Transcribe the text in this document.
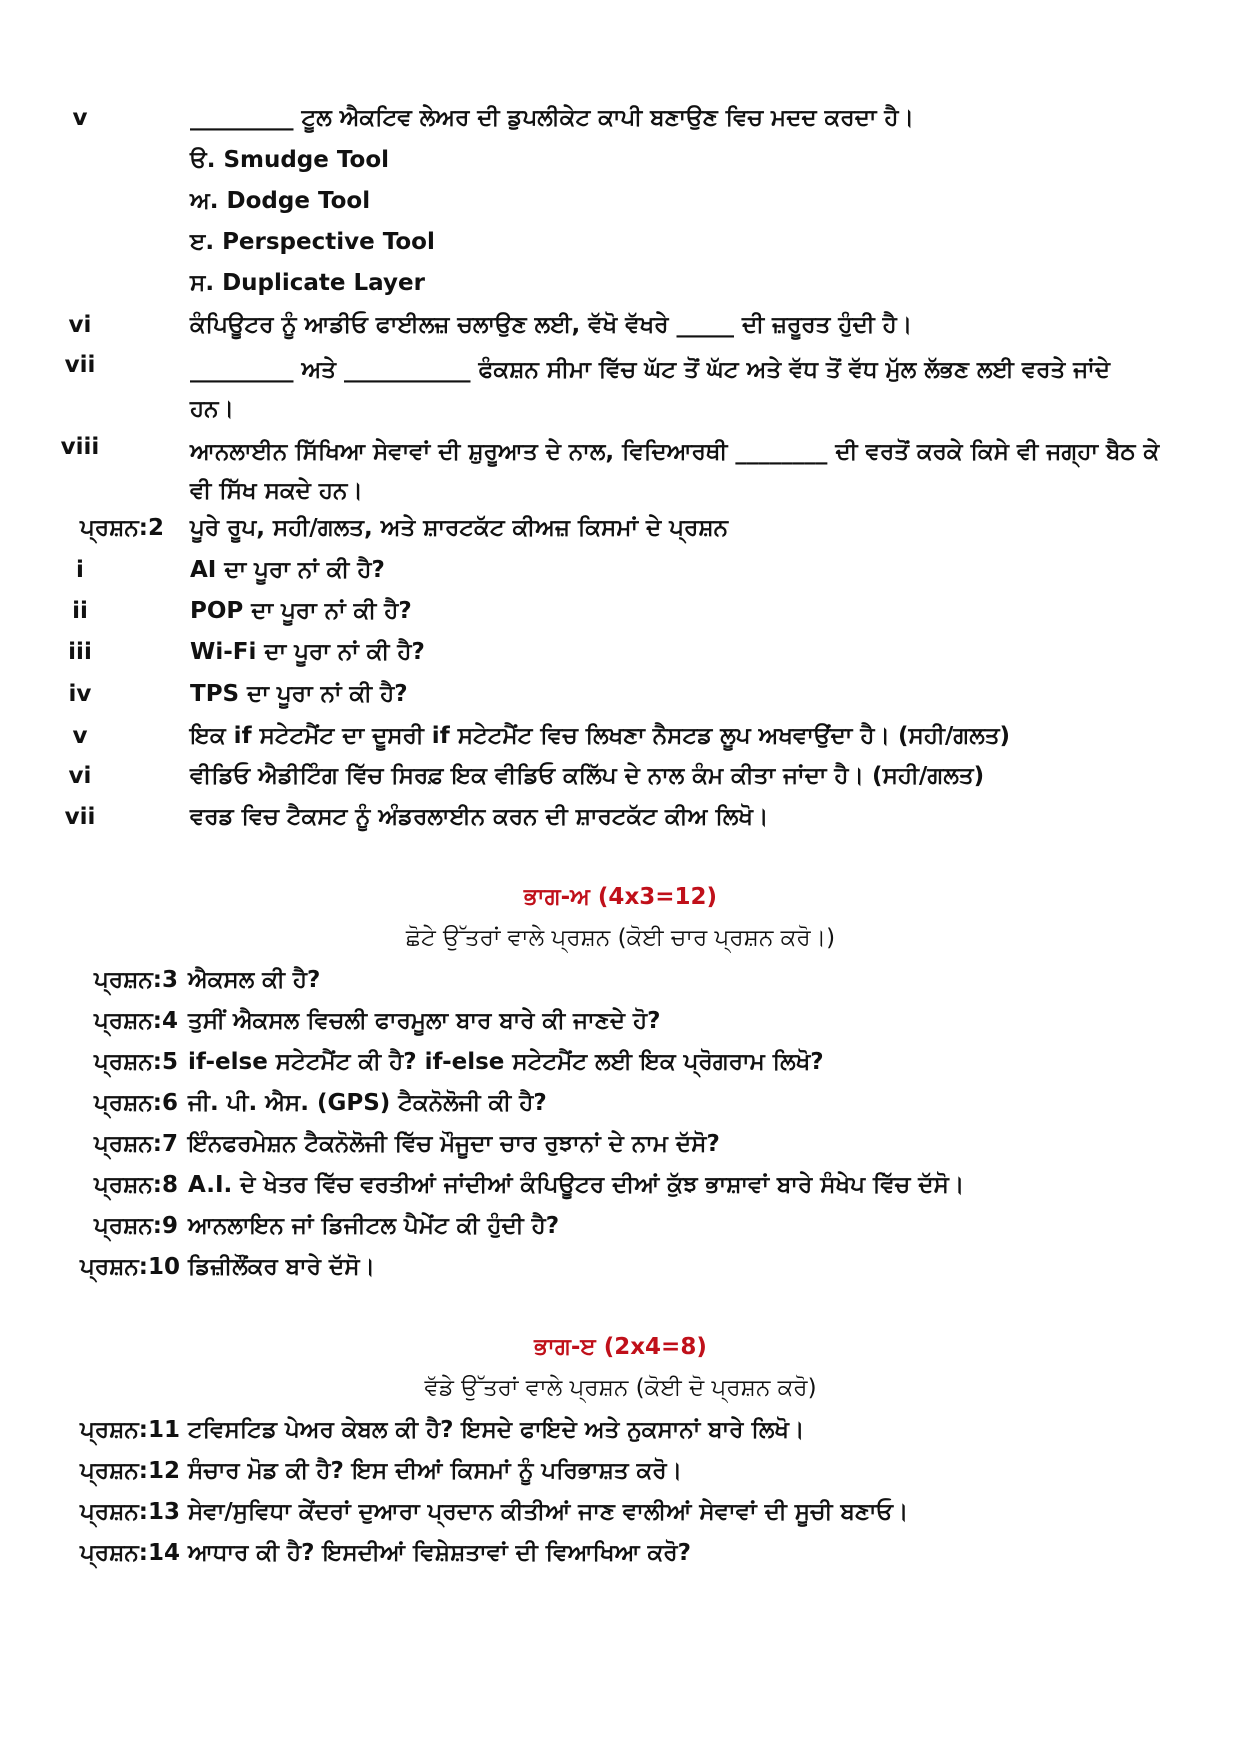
v	_________ ਟੂਲ ਐਕਟਿਵ ਲੇਅਰ ਦੀ ਡੁਪਲੀਕੇਟ ਕਾਪੀ ਬਣਾਉਣ ਵਿਚ ਮਦਦ ਕਰਦਾ ਹੈ।
ੳ. Smudge Tool
ਅ. Dodge Tool
ੲ. Perspective Tool
ਸ. Duplicate Layer
vi	ਕੰਪਿਊਟਰ ਨੂੰ ਆਡੀਓ ਫਾਈਲਜ਼ ਚਲਾਉਣ ਲਈ, ਵੱਖੋ ਵੱਖਰੇ _____ ਦੀ ਜ਼ਰੂਰਤ ਹੁੰਦੀ ਹੈ।
vii	_________ ਅਤੇ ___________ ਫੰਕਸ਼ਨ ਸੀਮਾ ਵਿੱਚ ਘੱਟ ਤੋਂ ਘੱਟ ਅਤੇ ਵੱਧ ਤੋਂ ਵੱਧ ਮੁੱਲ ਲੱਭਣ ਲਈ ਵਰਤੇ ਜਾਂਦੇ ਹਨ।
viii	ਆਨਲਾਈਨ ਸਿੱਖਿਆ ਸੇਵਾਵਾਂ ਦੀ ਸ਼ੁਰੂਆਤ ਦੇ ਨਾਲ, ਵਿਦਿਆਰਥੀ ________ ਦੀ ਵਰਤੋਂ ਕਰਕੇ ਕਿਸੇ ਵੀ ਜਗ੍ਹਾ ਬੈਠ ਕੇ ਵੀ ਸਿੱਖ ਸਕਦੇ ਹਨ।
ਪ੍ਰਸ਼ਨ:2	ਪੂਰੇ ਰੂਪ, ਸਹੀ/ਗਲਤ, ਅਤੇ ਸ਼ਾਰਟਕੱਟ ਕੀਅਜ਼ ਕਿਸਮਾਂ ਦੇ ਪ੍ਰਸ਼ਨ
i	AI ਦਾ ਪੂਰਾ ਨਾਂ ਕੀ ਹੈ?
ii	POP ਦਾ ਪੂਰਾ ਨਾਂ ਕੀ ਹੈ?
iii	Wi-Fi ਦਾ ਪੂਰਾ ਨਾਂ ਕੀ ਹੈ?
iv	TPS ਦਾ ਪੂਰਾ ਨਾਂ ਕੀ ਹੈ?
v	ਇਕ if ਸਟੇਟਮੈਂਟ ਦਾ ਦੂਸਰੀ if ਸਟੇਟਮੈਂਟ ਵਿਚ ਲਿਖਣਾ ਨੈਸਟਡ ਲੂਪ ਅਖਵਾਉਂਦਾ ਹੈ। (ਸਹੀ/ਗਲਤ)
vi	ਵੀਡਿਓ ਐਡੀਟਿੰਗ ਵਿੱਚ ਸਿਰਫ਼ ਇਕ ਵੀਡਿਓ ਕਲਿੱਪ ਦੇ ਨਾਲ ਕੰਮ ਕੀਤਾ ਜਾਂਦਾ ਹੈ। (ਸਹੀ/ਗਲਤ)
vii	ਵਰਡ ਵਿਚ ਟੈਕਸਟ ਨੂੰ ਅੰਡਰਲਾਈਨ ਕਰਨ ਦੀ ਸ਼ਾਰਟਕੱਟ ਕੀਅ ਲਿਖੋ।
ਭਾਗ-ਅ (4x3=12)
ਛੋਟੇ ਉੱਤਰਾਂ ਵਾਲੇ ਪ੍ਰਸ਼ਨ (ਕੋਈ ਚਾਰ ਪ੍ਰਸ਼ਨ ਕਰੋ।)
ਪ੍ਰਸ਼ਨ:3 ਐਕਸਲ ਕੀ ਹੈ?
ਪ੍ਰਸ਼ਨ:4 ਤੁਸੀਂ ਐਕਸਲ ਵਿਚਲੀ ਫਾਰਮੂਲਾ ਬਾਰ ਬਾਰੇ ਕੀ ਜਾਣਦੇ ਹੋ?
ਪ੍ਰਸ਼ਨ:5 if-else ਸਟੇਟਮੈਂਟ ਕੀ ਹੈ? if-else ਸਟੇਟਮੈਂਟ ਲਈ ਇਕ ਪ੍ਰੋਗਰਾਮ ਲਿਖੋ?
ਪ੍ਰਸ਼ਨ:6 ਜੀ. ਪੀ. ਐਸ. (GPS) ਟੈਕਨੋਲੋਜੀ ਕੀ ਹੈ?
ਪ੍ਰਸ਼ਨ:7 ਇੰਨਫਰਮੇਸ਼ਨ ਟੈਕਨੋਲੋਜੀ ਵਿੱਚ ਮੌਜੂਦਾ ਚਾਰ ਰੁਝਾਨਾਂ ਦੇ ਨਾਮ ਦੱਸੋ?
ਪ੍ਰਸ਼ਨ:8 A.I. ਦੇ ਖੇਤਰ ਵਿੱਚ ਵਰਤੀਆਂ ਜਾਂਦੀਆਂ ਕੰਪਿਊਟਰ ਦੀਆਂ ਕੁੱਝ ਭਾਸ਼ਾਵਾਂ ਬਾਰੇ ਸੰਖੇਪ ਵਿੱਚ ਦੱਸੋ।
ਪ੍ਰਸ਼ਨ:9 ਆਨਲਾਇਨ ਜਾਂ ਡਿਜੀਟਲ ਪੈਮੇਂਟ ਕੀ ਹੁੰਦੀ ਹੈ?
ਪ੍ਰਸ਼ਨ:10 ਡਿਜ਼ੀਲੌਂਕਰ ਬਾਰੇ ਦੱਸੋ।
ਭਾਗ-ੲ (2x4=8)
ਵੱਡੇ ਉੱਤਰਾਂ ਵਾਲੇ ਪ੍ਰਸ਼ਨ (ਕੋਈ ਦੋ ਪ੍ਰਸ਼ਨ ਕਰੋ)
ਪ੍ਰਸ਼ਨ:11 ਟਵਿਸਟਿਡ ਪੇਅਰ ਕੇਬਲ ਕੀ ਹੈ? ਇਸਦੇ ਫਾਇਦੇ ਅਤੇ ਨੁਕਸਾਨਾਂ ਬਾਰੇ ਲਿਖੋ।
ਪ੍ਰਸ਼ਨ:12 ਸੰਚਾਰ ਮੋਡ ਕੀ ਹੈ? ਇਸ ਦੀਆਂ ਕਿਸਮਾਂ ਨੂੰ ਪਰਿਭਾਸ਼ਤ ਕਰੋ।
ਪ੍ਰਸ਼ਨ:13 ਸੇਵਾ/ਸੁਵਿਧਾ ਕੇਂਦਰਾਂ ਦੁਆਰਾ ਪ੍ਰਦਾਨ ਕੀਤੀਆਂ ਜਾਣ ਵਾਲੀਆਂ ਸੇਵਾਵਾਂ ਦੀ ਸੂਚੀ ਬਣਾਓ।
ਪ੍ਰਸ਼ਨ:14 ਆਧਾਰ ਕੀ ਹੈ? ਇਸਦੀਆਂ ਵਿਸ਼ੇਸ਼ਤਾਵਾਂ ਦੀ ਵਿਆਖਿਆ ਕਰੋ?
